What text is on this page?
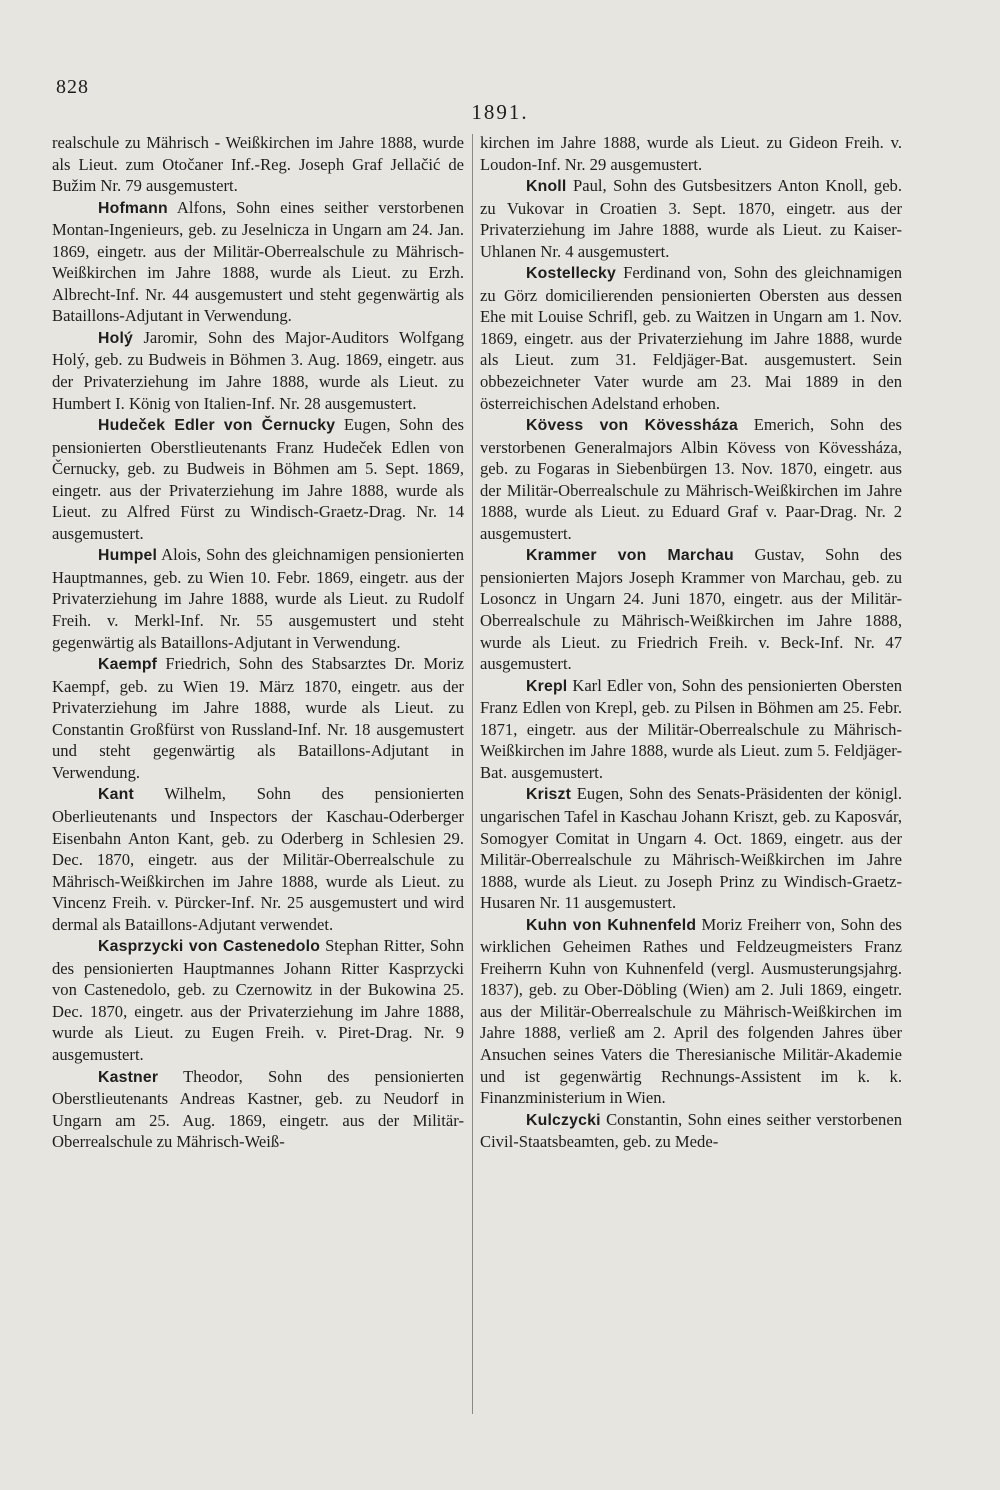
828
1891.

realschule zu Mährisch - Weißkirchen im Jahre 1888, wurde als Lieut. zum Otočaner Inf.-Reg. Joseph Graf Jellačić de Bužim Nr. 79 ausgemustert.

Hofmann Alfons, Sohn eines seither verstorbenen Montan-Ingenieurs, geb. zu Jeselnicza in Ungarn am 24. Jan. 1869, eingetr. aus der Militär-Oberrealschule zu Mährisch-Weißkirchen im Jahre 1888, wurde als Lieut. zu Erzh. Albrecht-Inf. Nr. 44 ausgemustert und steht gegenwärtig als Bataillons-Adjutant in Verwendung.

Holý Jaromir, Sohn des Major-Auditors Wolfgang Holý, geb. zu Budweis in Böhmen 3. Aug. 1869, eingetr. aus der Privaterziehung im Jahre 1888, wurde als Lieut. zu Humbert I. König von Italien-Inf. Nr. 28 ausgemustert.

Hudeček Edler von Černucky Eugen, Sohn des pensionierten Oberstlieutenants Franz Hudeček Edlen von Černucky, geb. zu Budweis in Böhmen am 5. Sept. 1869, eingetr. aus der Privaterziehung im Jahre 1888, wurde als Lieut. zu Alfred Fürst zu Windisch-Graetz-Drag. Nr. 14 ausgemustert.

Humpel Alois, Sohn des gleichnamigen pensionierten Hauptmannes, geb. zu Wien 10. Febr. 1869, eingetr. aus der Privaterziehung im Jahre 1888, wurde als Lieut. zu Rudolf Freih. v. Merkl-Inf. Nr. 55 ausgemustert und steht gegenwärtig als Bataillons-Adjutant in Verwendung.

Kaempf Friedrich, Sohn des Stabsarztes Dr. Moriz Kaempf, geb. zu Wien 19. März 1870, eingetr. aus der Privaterziehung im Jahre 1888, wurde als Lieut. zu Constantin Großfürst von Russland-Inf. Nr. 18 ausgemustert und steht gegenwärtig als Bataillons-Adjutant in Verwendung.

Kant Wilhelm, Sohn des pensionierten Oberlieutenants und Inspectors der Kaschau-Oderberger Eisenbahn Anton Kant, geb. zu Oderberg in Schlesien 29. Dec. 1870, eingetr. aus der Militär-Oberrealschule zu Mährisch-Weißkirchen im Jahre 1888, wurde als Lieut. zu Vincenz Freih. v. Pürcker-Inf. Nr. 25 ausgemustert und wird dermal als Bataillons-Adjutant verwendet.

Kasprzycki von Castenedolo Stephan Ritter, Sohn des pensionierten Hauptmannes Johann Ritter Kasprzycki von Castenedolo, geb. zu Czernowitz in der Bukowina 25. Dec. 1870, eingetr. aus der Privaterziehung im Jahre 1888, wurde als Lieut. zu Eugen Freih. v. Piret-Drag. Nr. 9 ausgemustert.

Kastner Theodor, Sohn des pensionierten Oberstlieutenants Andreas Kastner, geb. zu Neudorf in Ungarn am 25. Aug. 1869, eingetr. aus der Militär-Oberrealschule zu Mährisch-Weiß-

kirchen im Jahre 1888, wurde als Lieut. zu Gideon Freih. v. Loudon-Inf. Nr. 29 ausgemustert.

Knoll Paul, Sohn des Gutsbesitzers Anton Knoll, geb. zu Vukovar in Croatien 3. Sept. 1870, eingetr. aus der Privaterziehung im Jahre 1888, wurde als Lieut. zu Kaiser-Uhlanen Nr. 4 ausgemustert.

Kostellecky Ferdinand von, Sohn des gleichnamigen zu Görz domicilierenden pensionierten Obersten aus dessen Ehe mit Louise Schrifl, geb. zu Waitzen in Ungarn am 1. Nov. 1869, eingetr. aus der Privaterziehung im Jahre 1888, wurde als Lieut. zum 31. Feldjäger-Bat. ausgemustert. Sein obbezeichneter Vater wurde am 23. Mai 1889 in den österreichischen Adelstand erhoben.

Kövess von Kövessháza Emerich, Sohn des verstorbenen Generalmajors Albin Kövess von Kövessháza, geb. zu Fogaras in Siebenbürgen 13. Nov. 1870, eingetr. aus der Militär-Oberrealschule zu Mährisch-Weißkirchen im Jahre 1888, wurde als Lieut. zu Eduard Graf v. Paar-Drag. Nr. 2 ausgemustert.

Krammer von Marchau Gustav, Sohn des pensionierten Majors Joseph Krammer von Marchau, geb. zu Losoncz in Ungarn 24. Juni 1870, eingetr. aus der Militär-Oberrealschule zu Mährisch-Weißkirchen im Jahre 1888, wurde als Lieut. zu Friedrich Freih. v. Beck-Inf. Nr. 47 ausgemustert.

Krepl Karl Edler von, Sohn des pensionierten Obersten Franz Edlen von Krepl, geb. zu Pilsen in Böhmen am 25. Febr. 1871, eingetr. aus der Militär-Oberrealschule zu Mährisch-Weißkirchen im Jahre 1888, wurde als Lieut. zum 5. Feldjäger-Bat. ausgemustert.

Kriszt Eugen, Sohn des Senats-Präsidenten der königl. ungarischen Tafel in Kaschau Johann Kriszt, geb. zu Kaposvár, Somogyer Comitat in Ungarn 4. Oct. 1869, eingetr. aus der Militär-Oberrealschule zu Mährisch-Weißkirchen im Jahre 1888, wurde als Lieut. zu Joseph Prinz zu Windisch-Graetz-Husaren Nr. 11 ausgemustert.

Kuhn von Kuhnenfeld Moriz Freiherr von, Sohn des wirklichen Geheimen Rathes und Feldzeugmeisters Franz Freiherrn Kuhn von Kuhnenfeld (vergl. Ausmusterungsjahrg. 1837), geb. zu Ober-Döbling (Wien) am 2. Juli 1869, eingetr. aus der Militär-Oberrealschule zu Mährisch-Weißkirchen im Jahre 1888, verließ am 2. April des folgenden Jahres über Ansuchen seines Vaters die Theresianische Militär-Akademie und ist gegenwärtig Rechnungs-Assistent im k. k. Finanzministerium in Wien.

Kulczycki Constantin, Sohn eines seither verstorbenen Civil-Staatsbeamten, geb. zu Mede-
